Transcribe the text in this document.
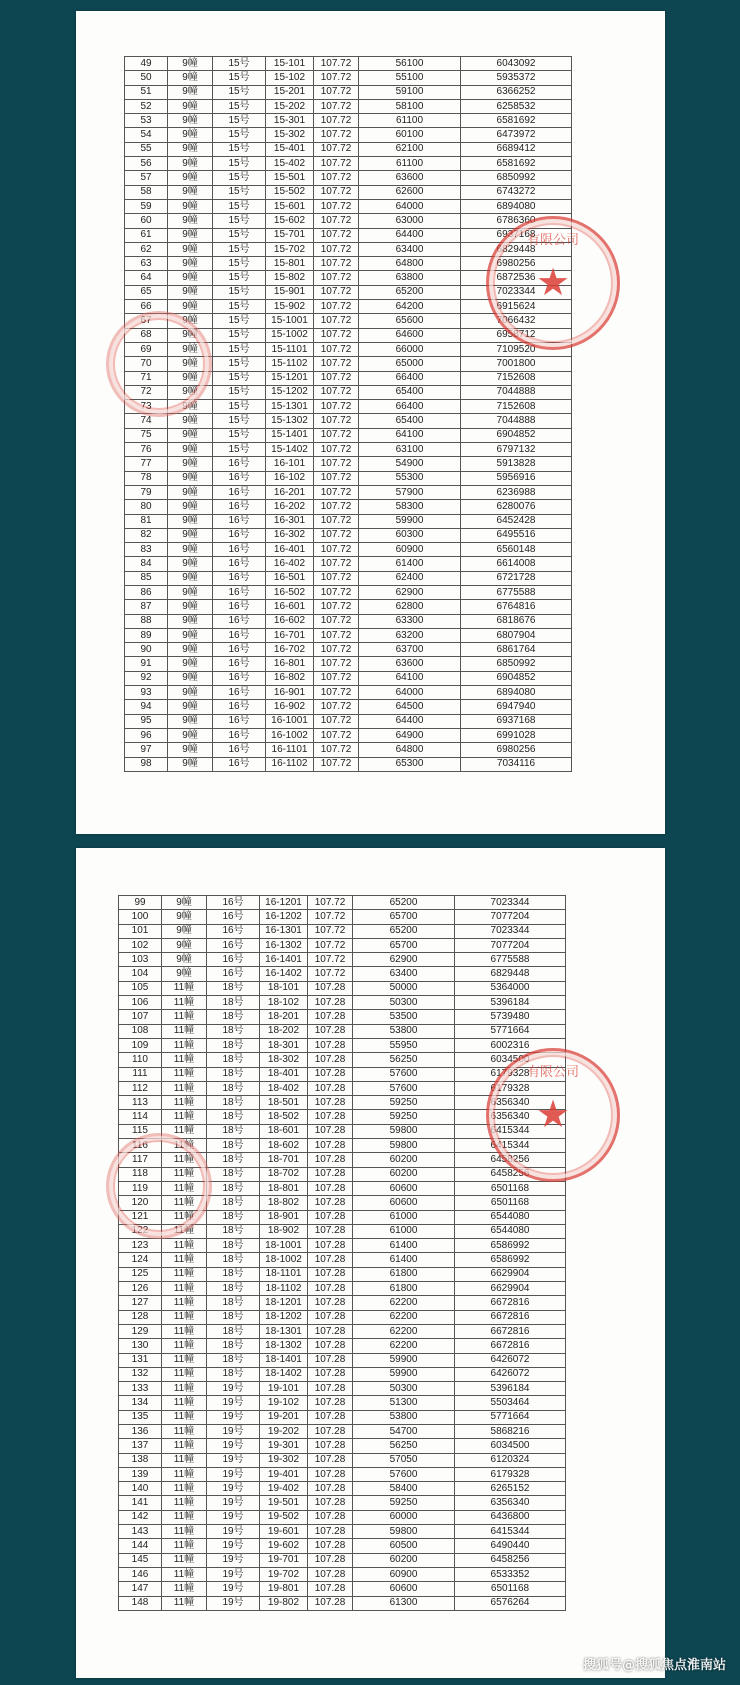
49	9幢	15号	15-101	107.72	56100	6043092
50	9幢	15号	15-102	107.72	55100	5935372
51	9幢	15号	15-201	107.72	59100	6366252
52	9幢	15号	15-202	107.72	58100	6258532
53	9幢	15号	15-301	107.72	61100	6581692
54	9幢	15号	15-302	107.72	60100	6473972
55	9幢	15号	15-401	107.72	62100	6689412
56	9幢	15号	15-402	107.72	61100	6581692
57	9幢	15号	15-501	107.72	63600	6850992
58	9幢	15号	15-502	107.72	62600	6743272
59	9幢	15号	15-601	107.72	64000	6894080
60	9幢	15号	15-602	107.72	63000	6786360
61	9幢	15号	15-701	107.72	64400	6937168
62	9幢	15号	15-702	107.72	63400	6829448
63	9幢	15号	15-801	107.72	64800	6980256
64	9幢	15号	15-802	107.72	63800	6872536
65	9幢	15号	15-901	107.72	65200	7023344
66	9幢	15号	15-902	107.72	64200	6915624
67	9幢	15号	15-1001	107.72	65600	7066432
68	9幢	15号	15-1002	107.72	64600	6958712
69	9幢	15号	15-1101	107.72	66000	7109520
70	9幢	15号	15-1102	107.72	65000	7001800
71	9幢	15号	15-1201	107.72	66400	7152608
72	9幢	15号	15-1202	107.72	65400	7044888
73	9幢	15号	15-1301	107.72	66400	7152608
74	9幢	15号	15-1302	107.72	65400	7044888
75	9幢	15号	15-1401	107.72	64100	6904852
76	9幢	15号	15-1402	107.72	63100	6797132
77	9幢	16号	16-101	107.72	54900	5913828
78	9幢	16号	16-102	107.72	55300	5956916
79	9幢	16号	16-201	107.72	57900	6236988
80	9幢	16号	16-202	107.72	58300	6280076
81	9幢	16号	16-301	107.72	59900	6452428
82	9幢	16号	16-302	107.72	60300	6495516
83	9幢	16号	16-401	107.72	60900	6560148
84	9幢	16号	16-402	107.72	61400	6614008
85	9幢	16号	16-501	107.72	62400	6721728
86	9幢	16号	16-502	107.72	62900	6775588
87	9幢	16号	16-601	107.72	62800	6764816
88	9幢	16号	16-602	107.72	63300	6818676
89	9幢	16号	16-701	107.72	63200	6807904
90	9幢	16号	16-702	107.72	63700	6861764
91	9幢	16号	16-801	107.72	63600	6850992
92	9幢	16号	16-802	107.72	64100	6904852
93	9幢	16号	16-901	107.72	64000	6894080
94	9幢	16号	16-902	107.72	64500	6947940
95	9幢	16号	16-1001	107.72	64400	6937168
96	9幢	16号	16-1002	107.72	64900	6991028
97	9幢	16号	16-1101	107.72	64800	6980256
98	9幢	16号	16-1102	107.72	65300	7034116
有限公司
★
99	9幢	16号	16-1201	107.72	65200	7023344
100	9幢	16号	16-1202	107.72	65700	7077204
101	9幢	16号	16-1301	107.72	65200	7023344
102	9幢	16号	16-1302	107.72	65700	7077204
103	9幢	16号	16-1401	107.72	62900	6775588
104	9幢	16号	16-1402	107.72	63400	6829448
105	11幢	18号	18-101	107.28	50000	5364000
106	11幢	18号	18-102	107.28	50300	5396184
107	11幢	18号	18-201	107.28	53500	5739480
108	11幢	18号	18-202	107.28	53800	5771664
109	11幢	18号	18-301	107.28	55950	6002316
110	11幢	18号	18-302	107.28	56250	6034500
111	11幢	18号	18-401	107.28	57600	6179328
112	11幢	18号	18-402	107.28	57600	6179328
113	11幢	18号	18-501	107.28	59250	6356340
114	11幢	18号	18-502	107.28	59250	6356340
115	11幢	18号	18-601	107.28	59800	6415344
116	11幢	18号	18-602	107.28	59800	6415344
117	11幢	18号	18-701	107.28	60200	6458256
118	11幢	18号	18-702	107.28	60200	6458256
119	11幢	18号	18-801	107.28	60600	6501168
120	11幢	18号	18-802	107.28	60600	6501168
121	11幢	18号	18-901	107.28	61000	6544080
122	11幢	18号	18-902	107.28	61000	6544080
123	11幢	18号	18-1001	107.28	61400	6586992
124	11幢	18号	18-1002	107.28	61400	6586992
125	11幢	18号	18-1101	107.28	61800	6629904
126	11幢	18号	18-1102	107.28	61800	6629904
127	11幢	18号	18-1201	107.28	62200	6672816
128	11幢	18号	18-1202	107.28	62200	6672816
129	11幢	18号	18-1301	107.28	62200	6672816
130	11幢	18号	18-1302	107.28	62200	6672816
131	11幢	18号	18-1401	107.28	59900	6426072
132	11幢	18号	18-1402	107.28	59900	6426072
133	11幢	19号	19-101	107.28	50300	5396184
134	11幢	19号	19-102	107.28	51300	5503464
135	11幢	19号	19-201	107.28	53800	5771664
136	11幢	19号	19-202	107.28	54700	5868216
137	11幢	19号	19-301	107.28	56250	6034500
138	11幢	19号	19-302	107.28	57050	6120324
139	11幢	19号	19-401	107.28	57600	6179328
140	11幢	19号	19-402	107.28	58400	6265152
141	11幢	19号	19-501	107.28	59250	6356340
142	11幢	19号	19-502	107.28	60000	6436800
143	11幢	19号	19-601	107.28	59800	6415344
144	11幢	19号	19-602	107.28	60500	6490440
145	11幢	19号	19-701	107.28	60200	6458256
146	11幢	19号	19-702	107.28	60900	6533352
147	11幢	19号	19-801	107.28	60600	6501168
148	11幢	19号	19-802	107.28	61300	6576264
有限公司
★
搜狐号@搜狐焦点淮南站
